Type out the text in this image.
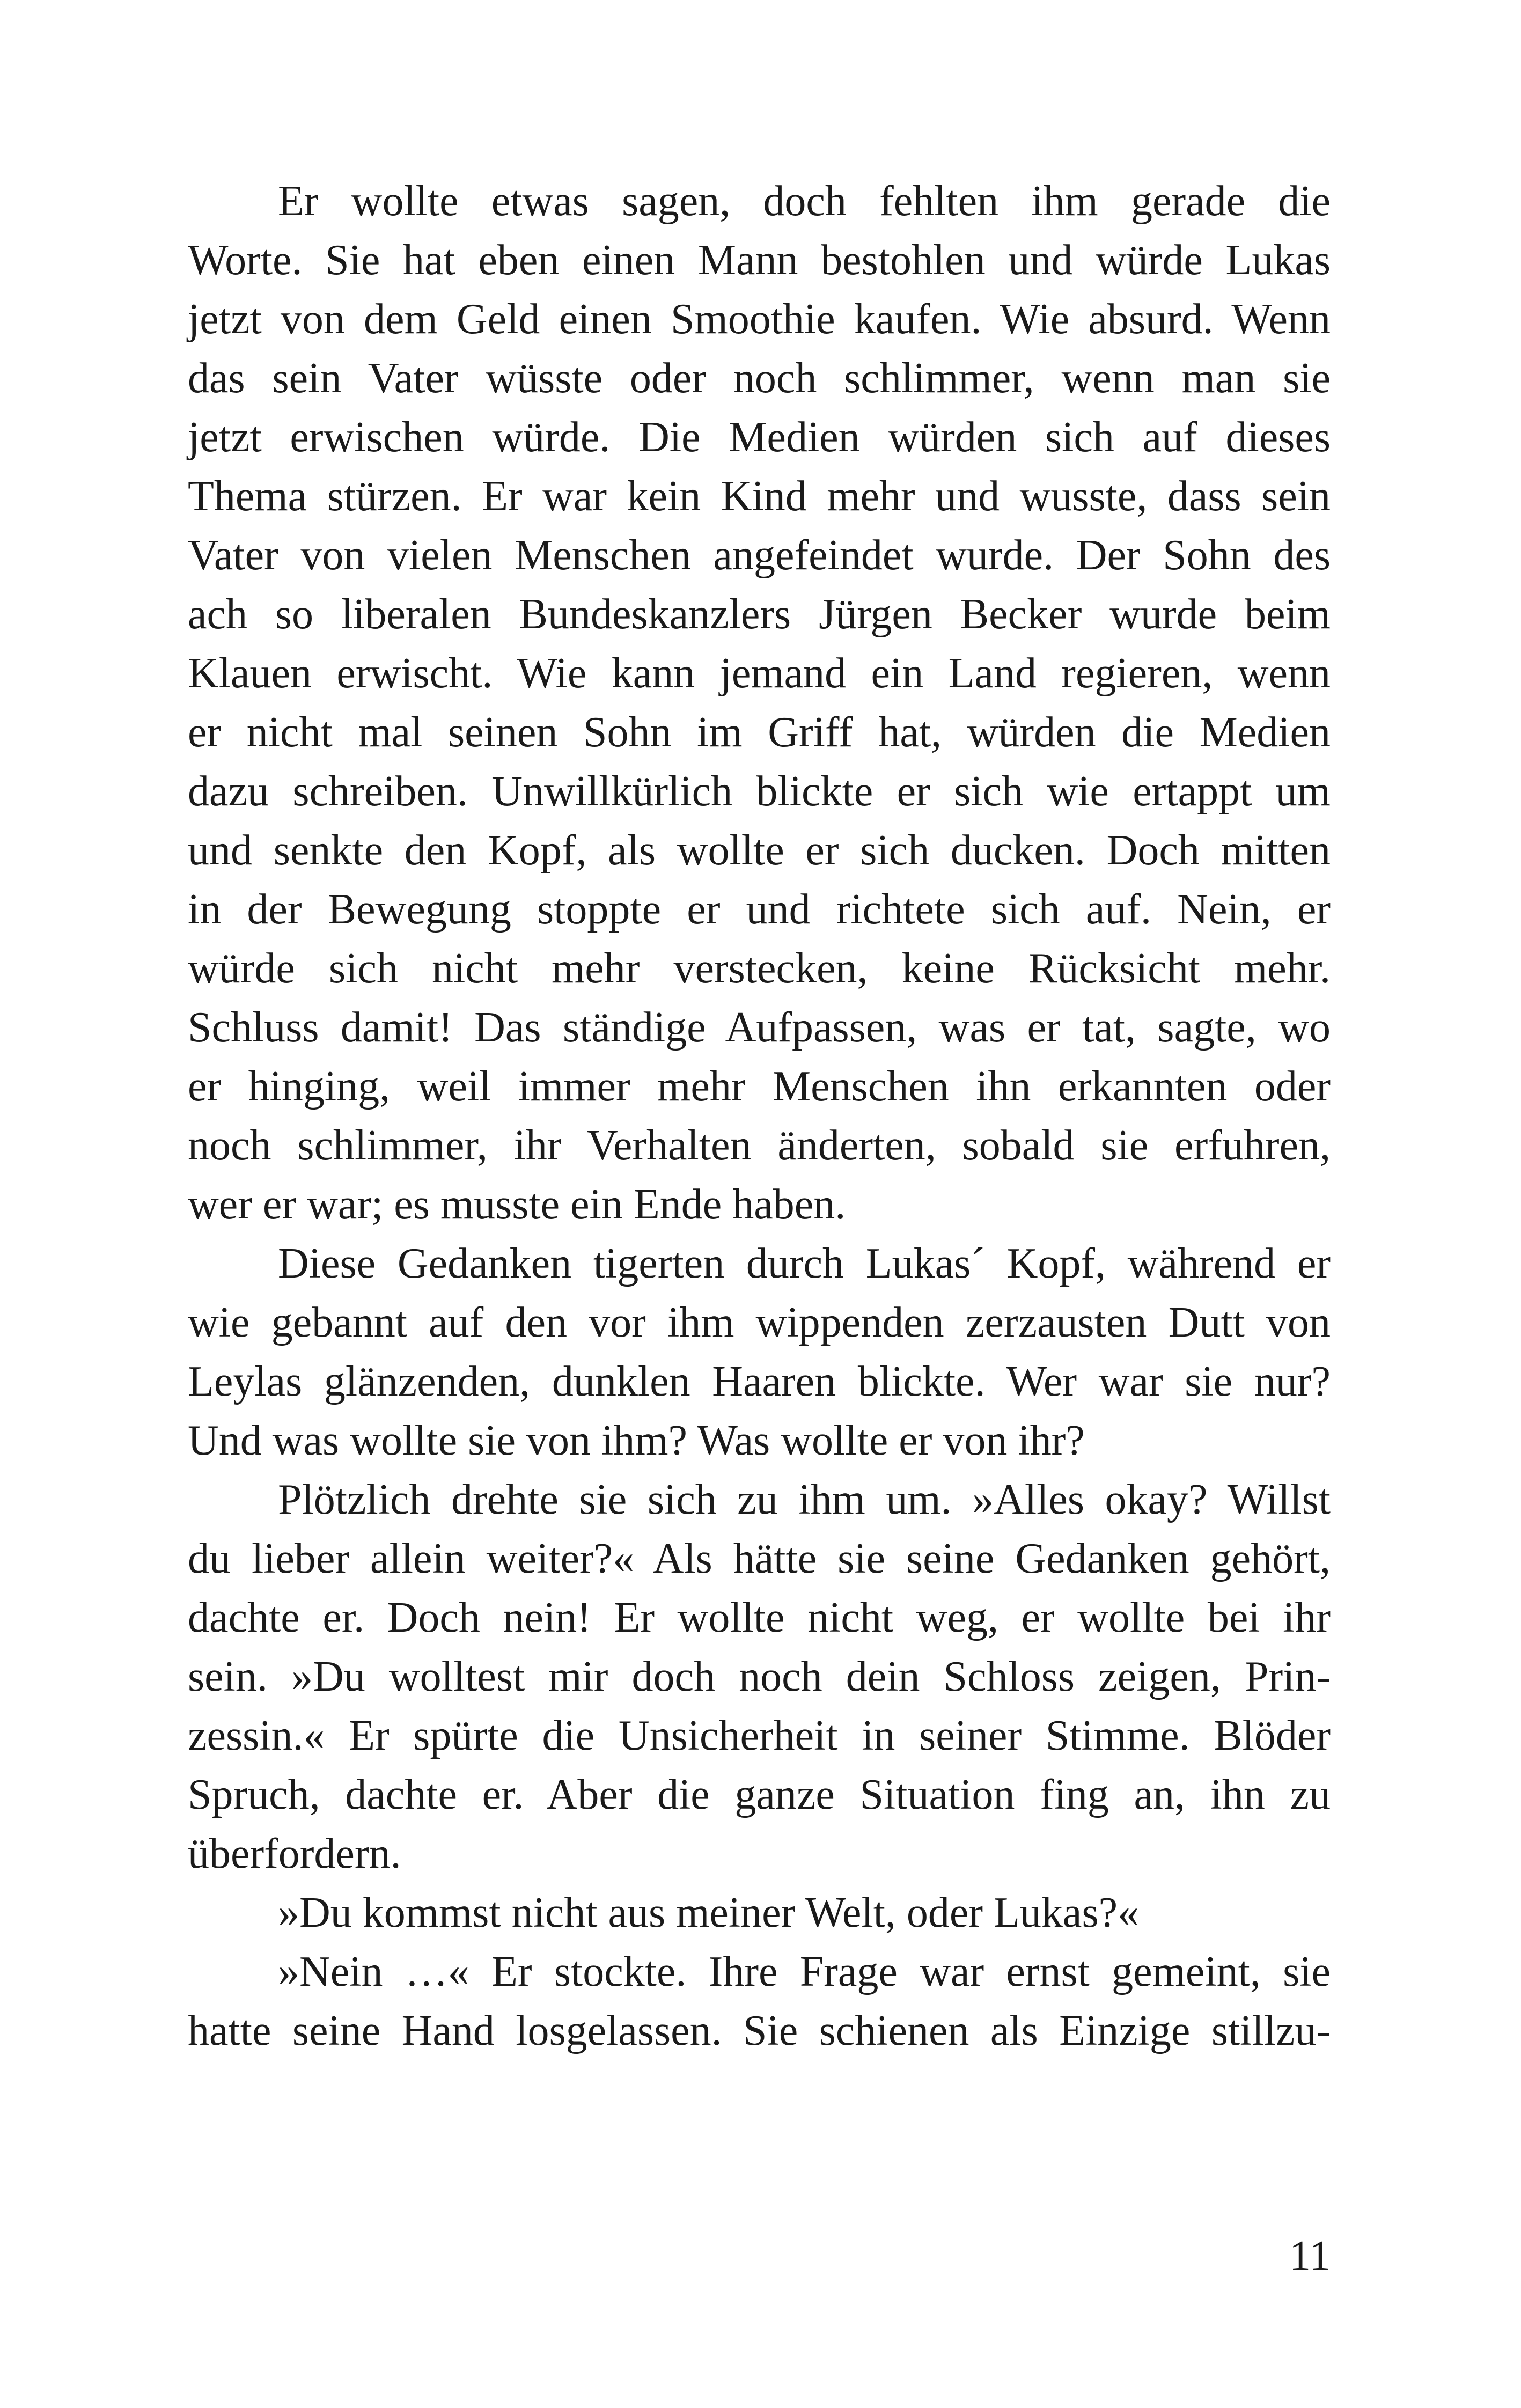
Er wollte etwas sagen, doch fehlten ihm gerade die
Worte. Sie hat eben einen Mann bestohlen und würde Lukas
jetzt von dem Geld einen Smoothie kaufen. Wie absurd. Wenn
das sein Vater wüsste oder noch schlimmer, wenn man sie
jetzt erwischen würde. Die Medien würden sich auf dieses
Thema stürzen. Er war kein Kind mehr und wusste, dass sein
Vater von vielen Menschen angefeindet wurde. Der Sohn des
ach so liberalen Bundeskanzlers Jürgen Becker wurde beim
Klauen erwischt. Wie kann jemand ein Land regieren, wenn
er nicht mal seinen Sohn im Griff hat, würden die Medien
dazu schreiben. Unwillkürlich blickte er sich wie ertappt um
und senkte den Kopf, als wollte er sich ducken. Doch mitten
in der Bewegung stoppte er und richtete sich auf. Nein, er
würde sich nicht mehr verstecken, keine Rücksicht mehr.
Schluss damit! Das ständige Aufpassen, was er tat, sagte, wo
er hinging, weil immer mehr Menschen ihn erkannten oder
noch schlimmer, ihr Verhalten änderten, sobald sie erfuhren,
wer er war; es musste ein Ende haben.
Diese Gedanken tigerten durch Lukas´ Kopf, während er
wie gebannt auf den vor ihm wippenden zerzausten Dutt von
Leylas glänzenden, dunklen Haaren blickte. Wer war sie nur?
Und was wollte sie von ihm? Was wollte er von ihr?
Plötzlich drehte sie sich zu ihm um. »Alles okay? Willst
du lieber allein weiter?« Als hätte sie seine Gedanken gehört,
dachte er. Doch nein! Er wollte nicht weg, er wollte bei ihr
sein. »Du wolltest mir doch noch dein Schloss zeigen, Prin-
zessin.« Er spürte die Unsicherheit in seiner Stimme. Blöder
Spruch, dachte er. Aber die ganze Situation fing an, ihn zu
überfordern.
»Du kommst nicht aus meiner Welt, oder Lukas?«
»Nein …« Er stockte. Ihre Frage war ernst gemeint, sie
hatte seine Hand losgelassen. Sie schienen als Einzige stillzu-
11
